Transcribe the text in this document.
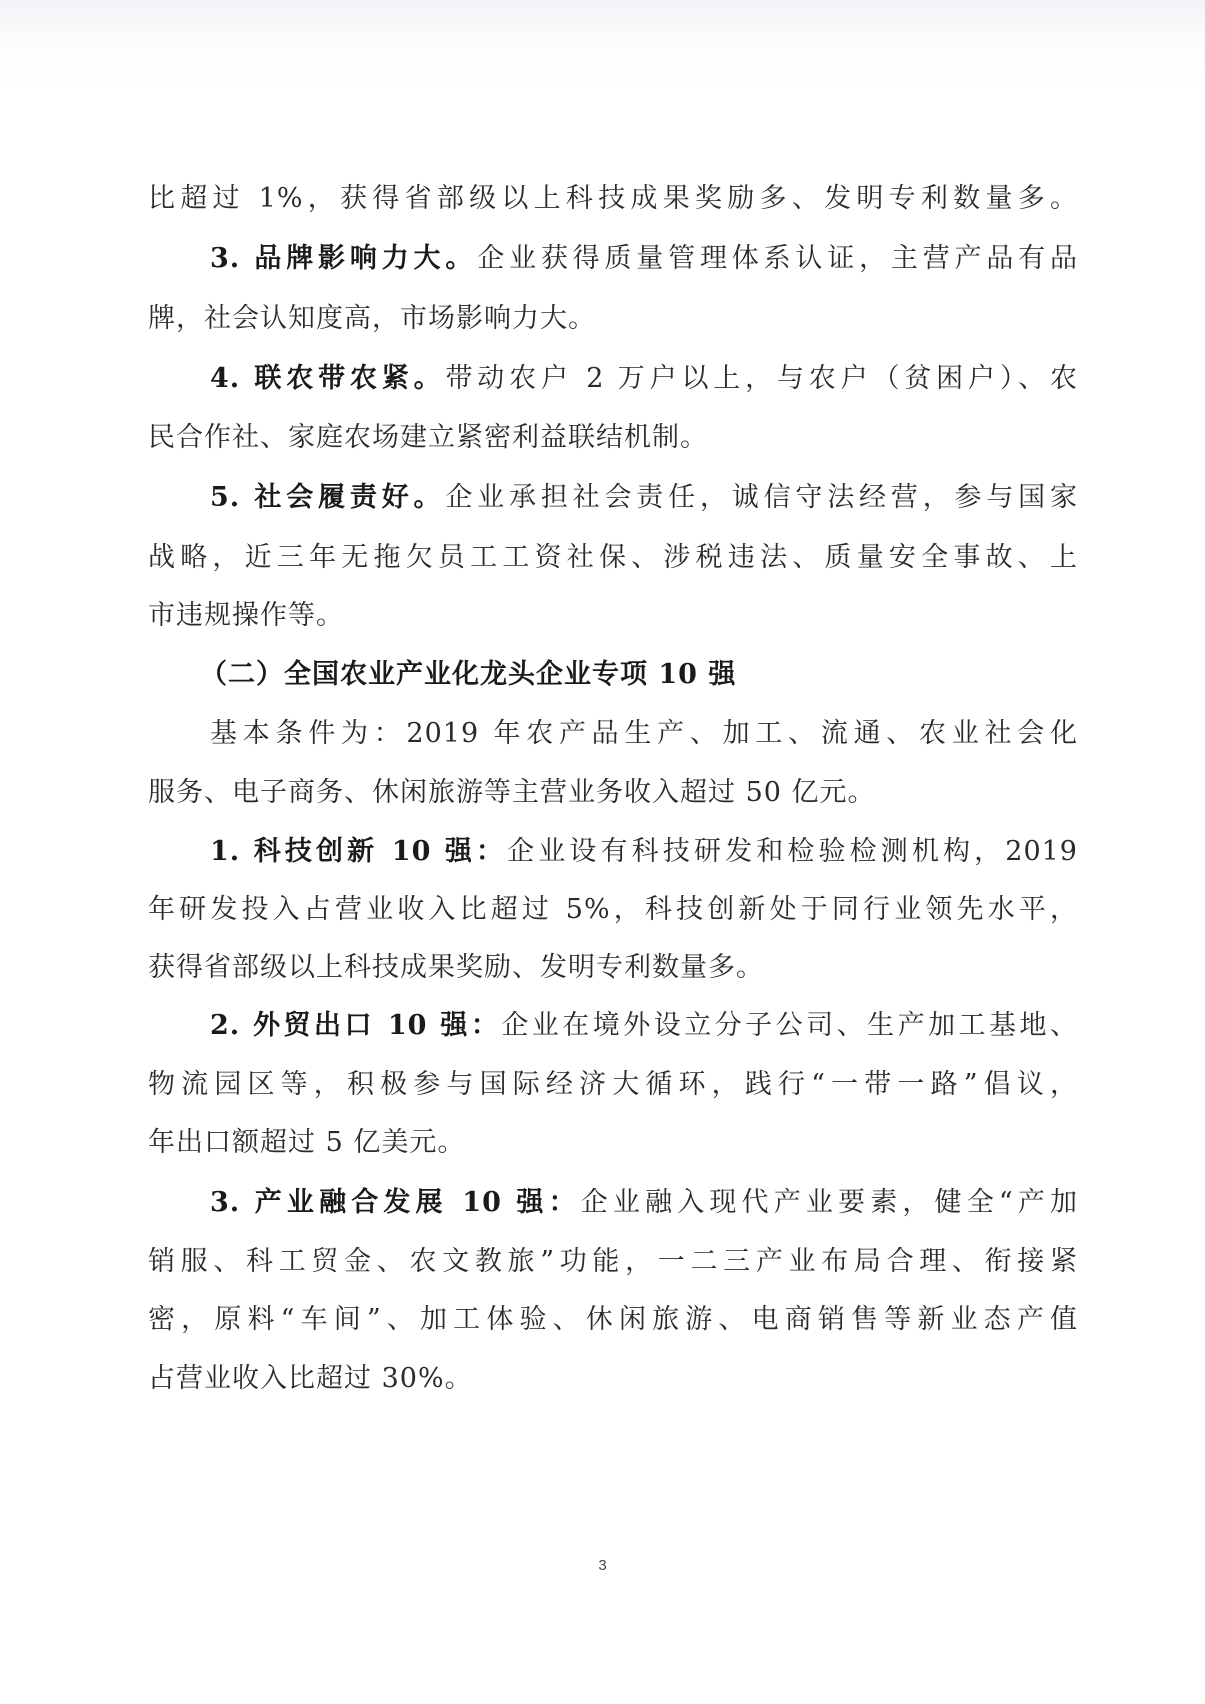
比超过 1%，获得省部级以上科技成果奖励多、发明专利数量多。
3. 品牌影响力大。企业获得质量管理体系认证，主营产品有品
牌，社会认知度高，市场影响力大。
4. 联农带农紧。带动农户 2 万户以上，与农户（贫困户）、农
民合作社、家庭农场建立紧密利益联结机制。
5. 社会履责好。企业承担社会责任，诚信守法经营，参与国家
战略，近三年无拖欠员工工资社保、涉税违法、质量安全事故、上
市违规操作等。
（二）全国农业产业化龙头企业专项 10 强
基本条件为：2019 年农产品生产、加工、流通、农业社会化
服务、电子商务、休闲旅游等主营业务收入超过 50 亿元。
1. 科技创新 10 强：企业设有科技研发和检验检测机构，2019
年研发投入占营业收入比超过 5%，科技创新处于同行业领先水平，
获得省部级以上科技成果奖励、发明专利数量多。
2. 外贸出口 10 强：企业在境外设立分子公司、生产加工基地、
物流园区等，积极参与国际经济大循环，践行“一带一路”倡议，
年出口额超过 5 亿美元。
3. 产业融合发展 10 强：企业融入现代产业要素，健全“产加
销服、科工贸金、农文教旅”功能，一二三产业布局合理、衔接紧
密，原料“车间”、加工体验、休闲旅游、电商销售等新业态产值
占营业收入比超过 30%。
3
